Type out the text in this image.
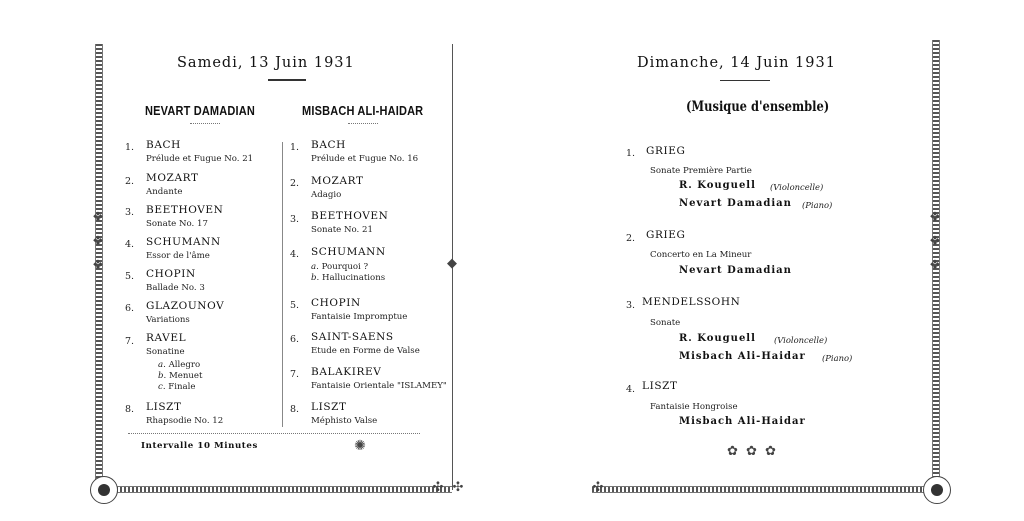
❖
❖
❖	◆
✣ ✣
Samedi, 13 Juin 1931
NEVART DAMADIAN	MISBACH ALI-HAIDAR
1. BACH
Prélude et Fugue No. 21
2. MOZART
Andante
3. BEETHOVEN
Sonate No. 17
4. SCHUMANN
Essor de l'âme
5. CHOPIN
Ballade No. 3
6. GLAZOUNOV
Variations
7. RAVEL
Sonatine
a. Allegro
b. Menuet
c. Finale
8. LISZT
Rhapsodie No. 12
1. BACH
Prélude et Fugue No. 16
2. MOZART
Adagio
3. BEETHOVEN
Sonate No. 21
4. SCHUMANN
a. Pourquoi ?
b. Hallucinations
5. CHOPIN
Fantaisie Impromptue
6. SAINT-SAENS
Etude en Forme de Valse
7. BALAKIREV
Fantaisie Orientale "ISLAMEY"
8. LISZT
Méphisto Valse
Intervalle 10 Minutes	✺
✣
❖
❖
❖
Dimanche, 14 Juin 1931
(Musique d'ensemble)
1. GRIEG
Sonate Première Partie
R. Kouguell (Violoncelle)
Nevart Damadian (Piano)
2. GRIEG
Concerto en La Mineur
Nevart Damadian
3. MENDELSSOHN
Sonate
R. Kouguell (Violoncelle)
Misbach Ali-Haidar (Piano)
4. LISZT
Fantaisie Hongroise
Misbach Ali-Haidar
✿ ✿ ✿
